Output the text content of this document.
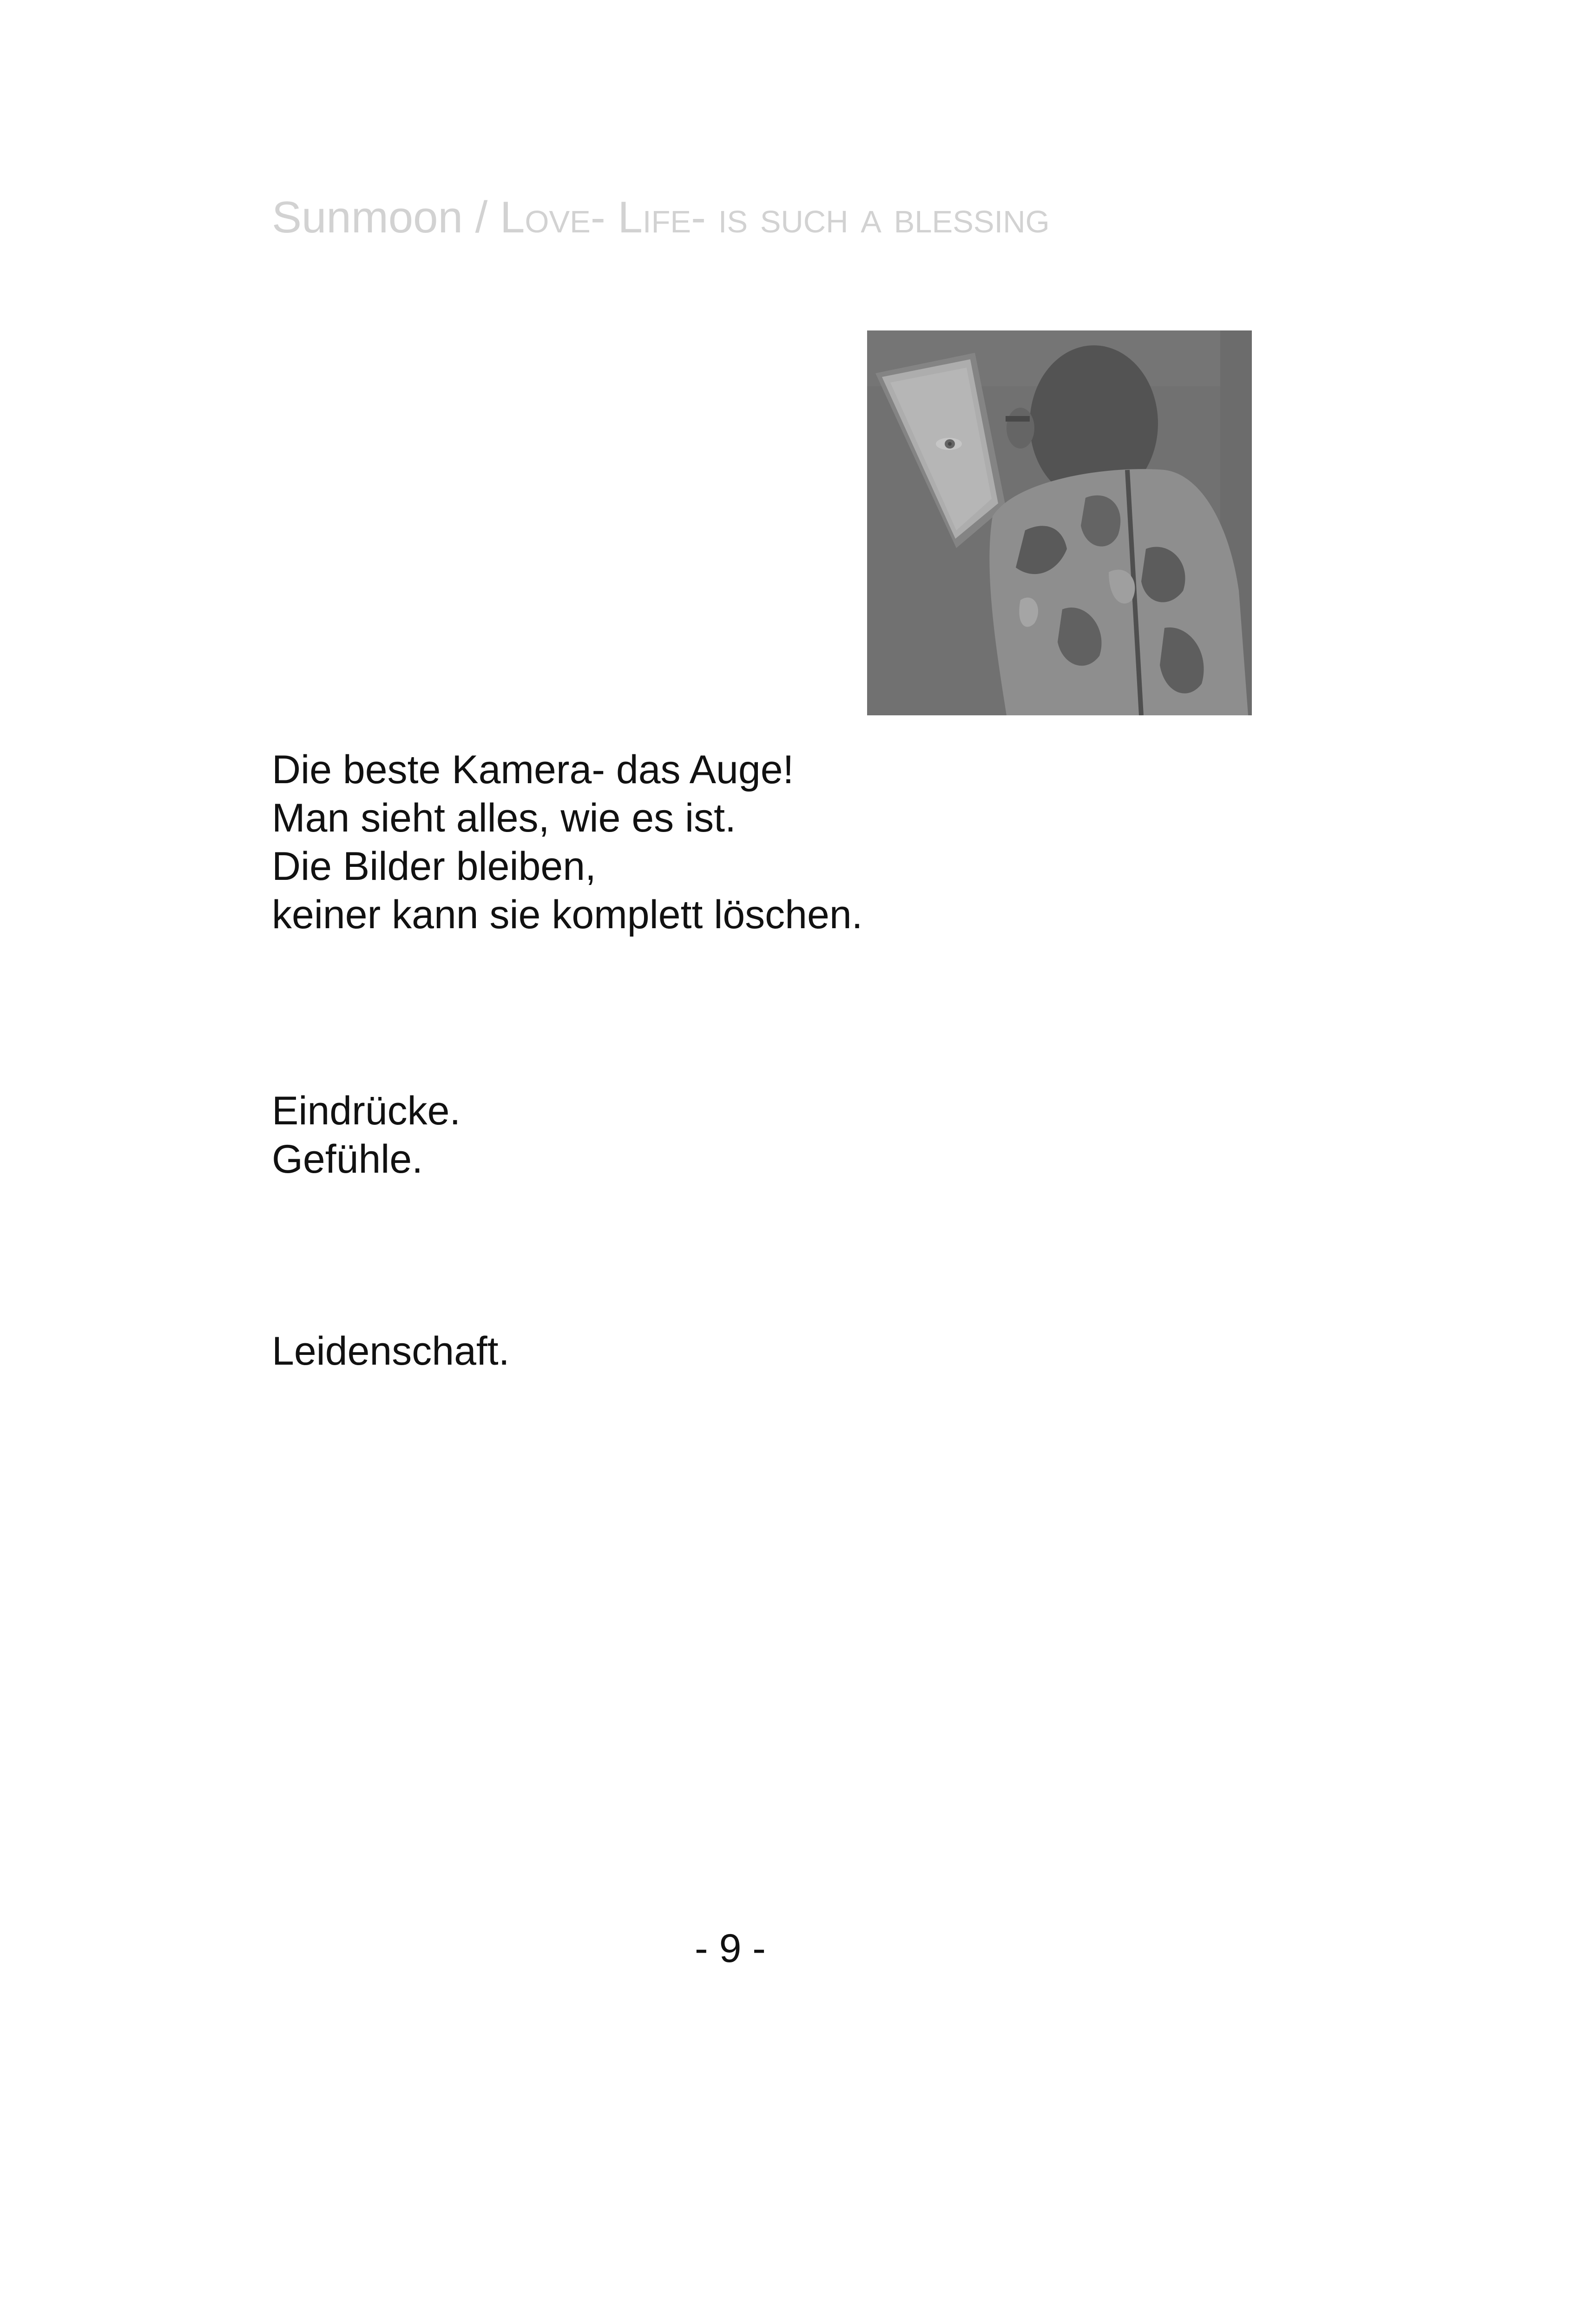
Sunmoon / Love- Life- is such a blessing
Die beste Kamera- das Auge!
Man sieht alles, wie es ist.
Die Bilder bleiben,
keiner kann sie komplett löschen.
Eindrücke.
Gefühle.
Leidenschaft.
- 9 -
